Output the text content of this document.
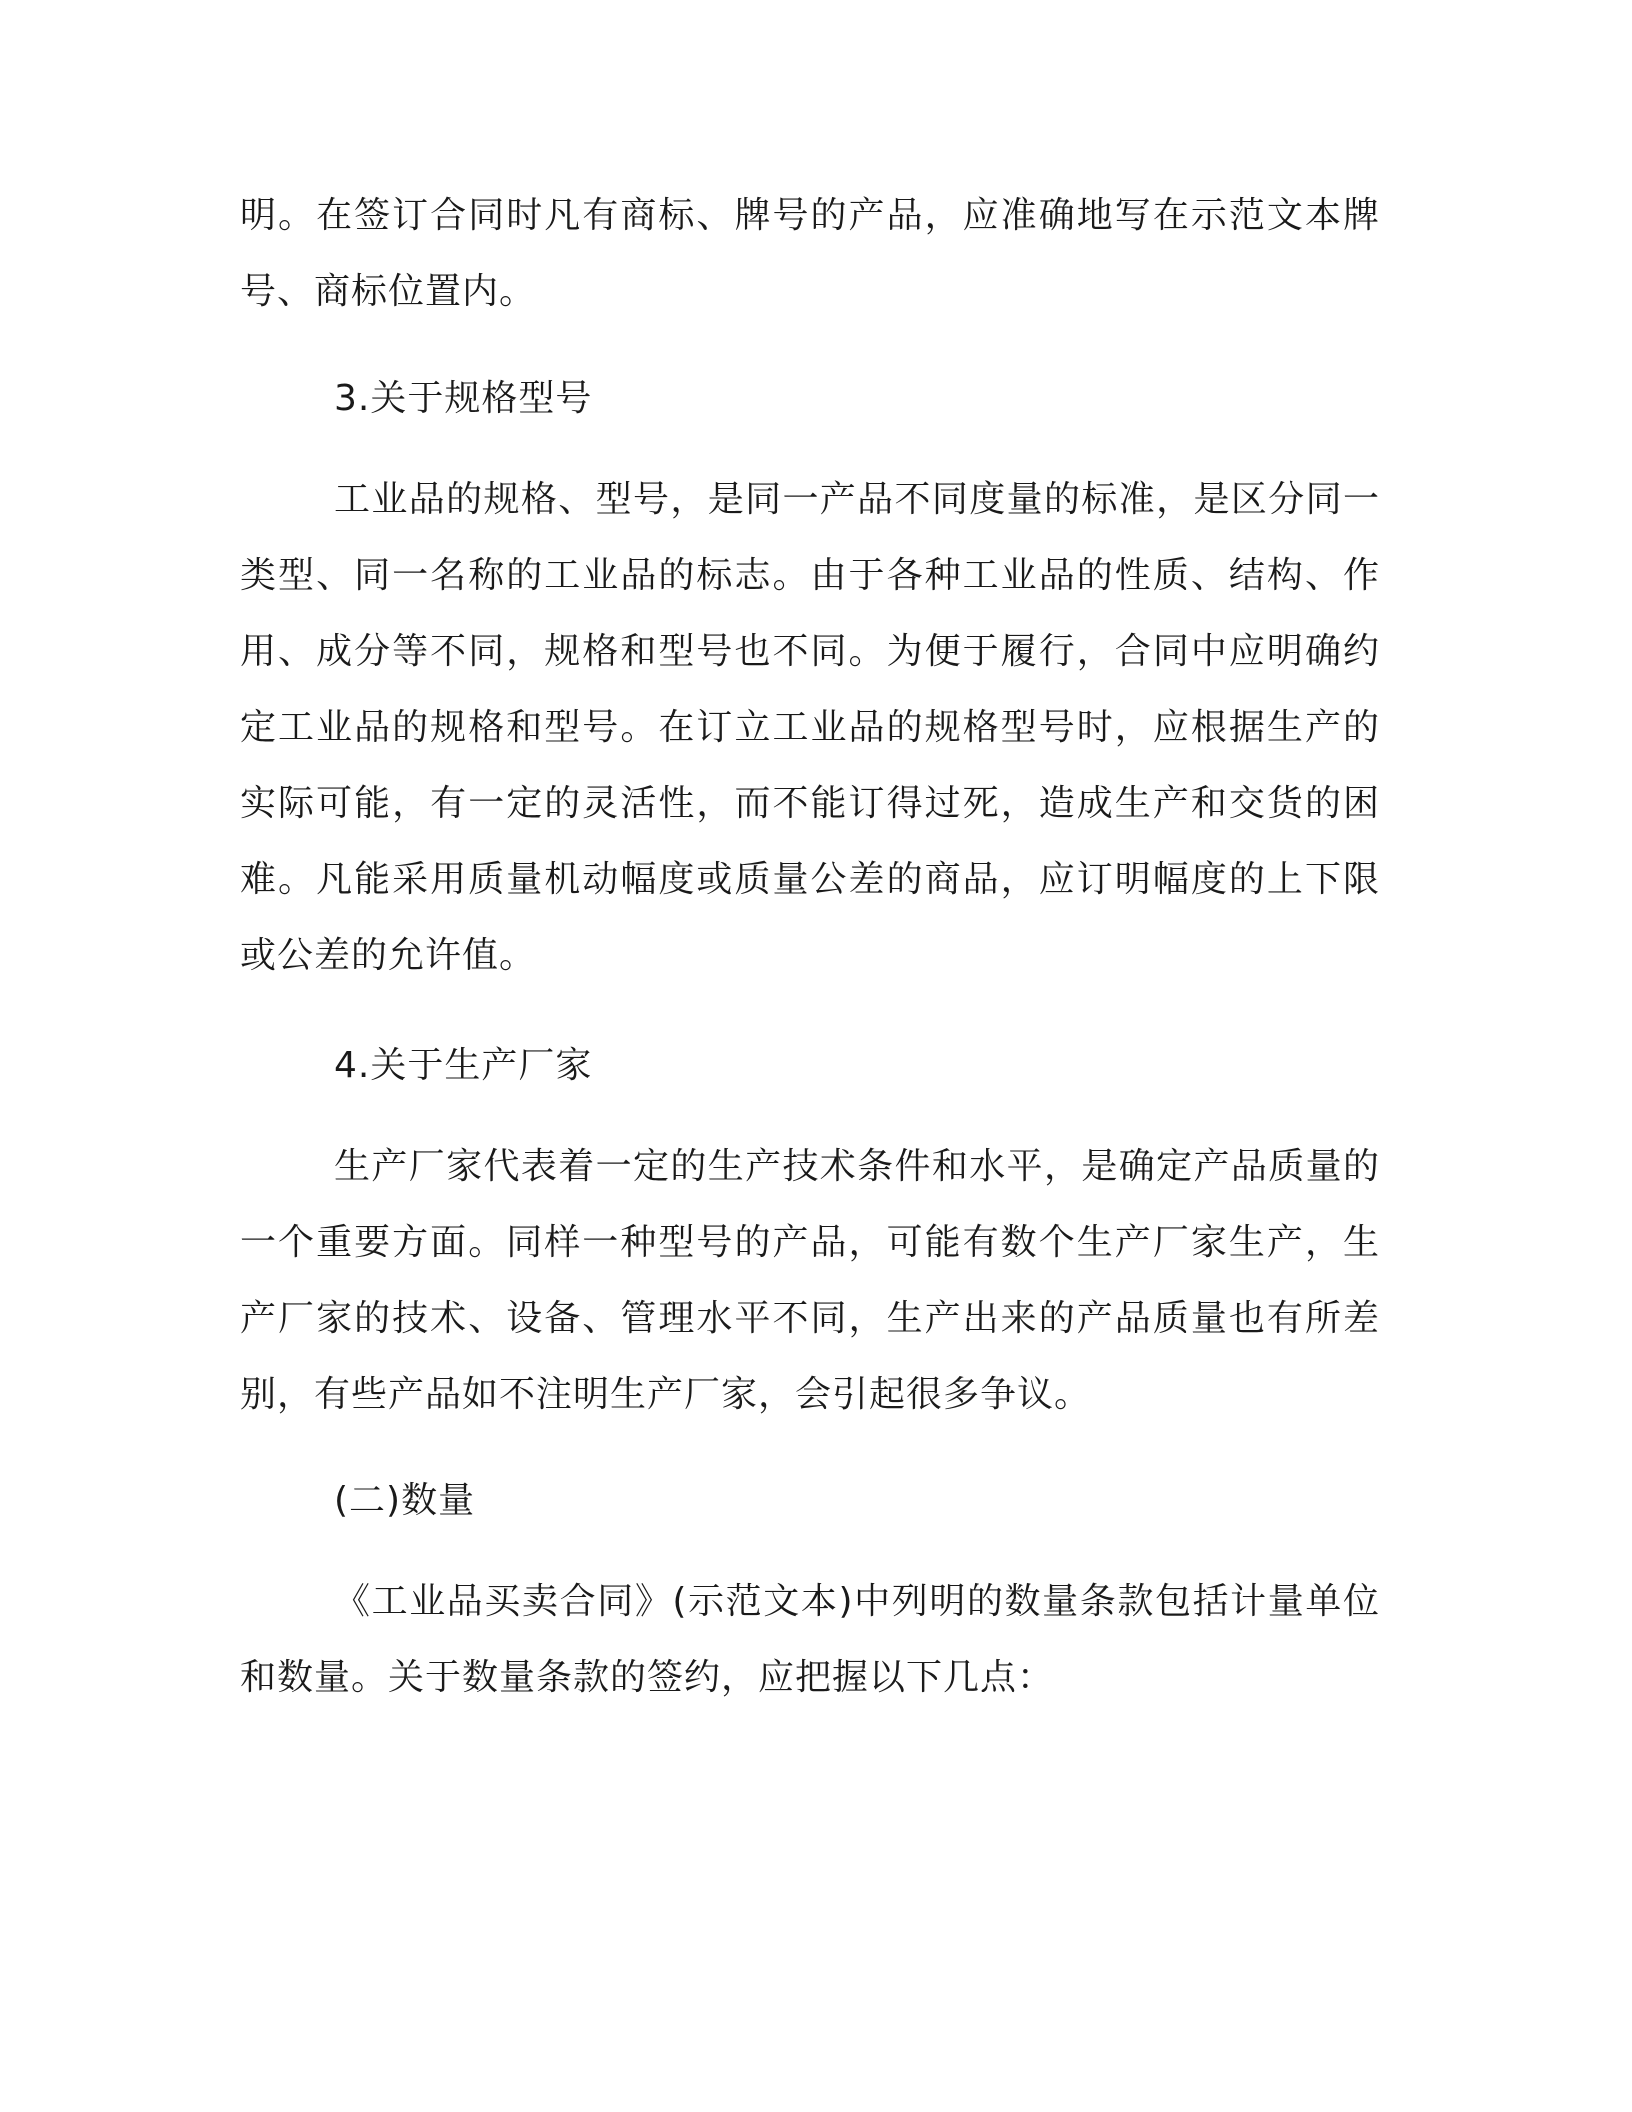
明。在签订合同时凡有商标、牌号的产品，应准确地写在示范文本牌号、商标位置内。
3.关于规格型号
工业品的规格、型号，是同一产品不同度量的标准，是区分同一类型、同一名称的工业品的标志。由于各种工业品的性质、结构、作用、成分等不同，规格和型号也不同。为便于履行，合同中应明确约定工业品的规格和型号。在订立工业品的规格型号时，应根据生产的实际可能，有一定的灵活性，而不能订得过死，造成生产和交货的困难。凡能采用质量机动幅度或质量公差的商品，应订明幅度的上下限或公差的允许值。
4.关于生产厂家
生产厂家代表着一定的生产技术条件和水平，是确定产品质量的一个重要方面。同样一种型号的产品，可能有数个生产厂家生产，生产厂家的技术、设备、管理水平不同，生产出来的产品质量也有所差别，有些产品如不注明生产厂家，会引起很多争议。
(二)数量
《工业品买卖合同》(示范文本)中列明的数量条款包括计量单位和数量。关于数量条款的签约，应把握以下几点：
